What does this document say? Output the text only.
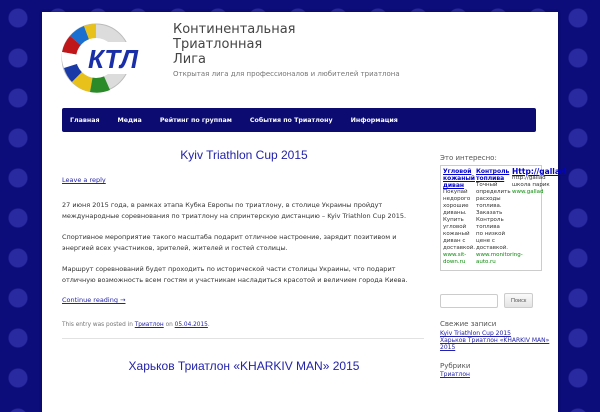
КТЛ
Континентальная
Триатлонная
Лига
Открытая лига для профессионалов и любителей триатлона
Главная	Медиа	Рейтинг по группам	События по Триатлону	Информация
Kyiv Triathlon Cup 2015
Leave a reply

27 июня 2015 года, в рамках этапа Кубка Европы по триатлону, в столице Украины пройдут международные соревнования по триатлону на спринтерскую дистанцию – Kyiv Triathlon Cup 2015.

Спортивное мероприятие такого масштаба подарит отличное настроение, зарядит позитивом и энергией всех участников, зрителей, жителей и гостей столицы.

Маршрут соревнований будет проходить по исторической части столицы Украины, что подарит отличную возможность всем гостям и участникам насладиться красотой и величием города Киева.

Continue reading →
This entry was posted in Триатлон on 05.04.2015.
Харьков Триатлон «KHARKIV MAN» 2015
Это интересно:
Угловой кожаный диван
Покупай недорого хорошие диваны. Купить угловой кожаный диван с доставкой.
www.sit-down.ru
Контроль топлива
Точный определить расходы топлива. Заказать Контроль топлива по низкой цене с доставкой.
www.monitoring-auto.ru
Http://gallad
http://gallad школа парик
www.gallad
Поиск
Свежие записи
Kyiv Triathlon Cup 2015
Харьков Триатлон «KHARKIV MAN» 2015
Рубрики
Триатлон
